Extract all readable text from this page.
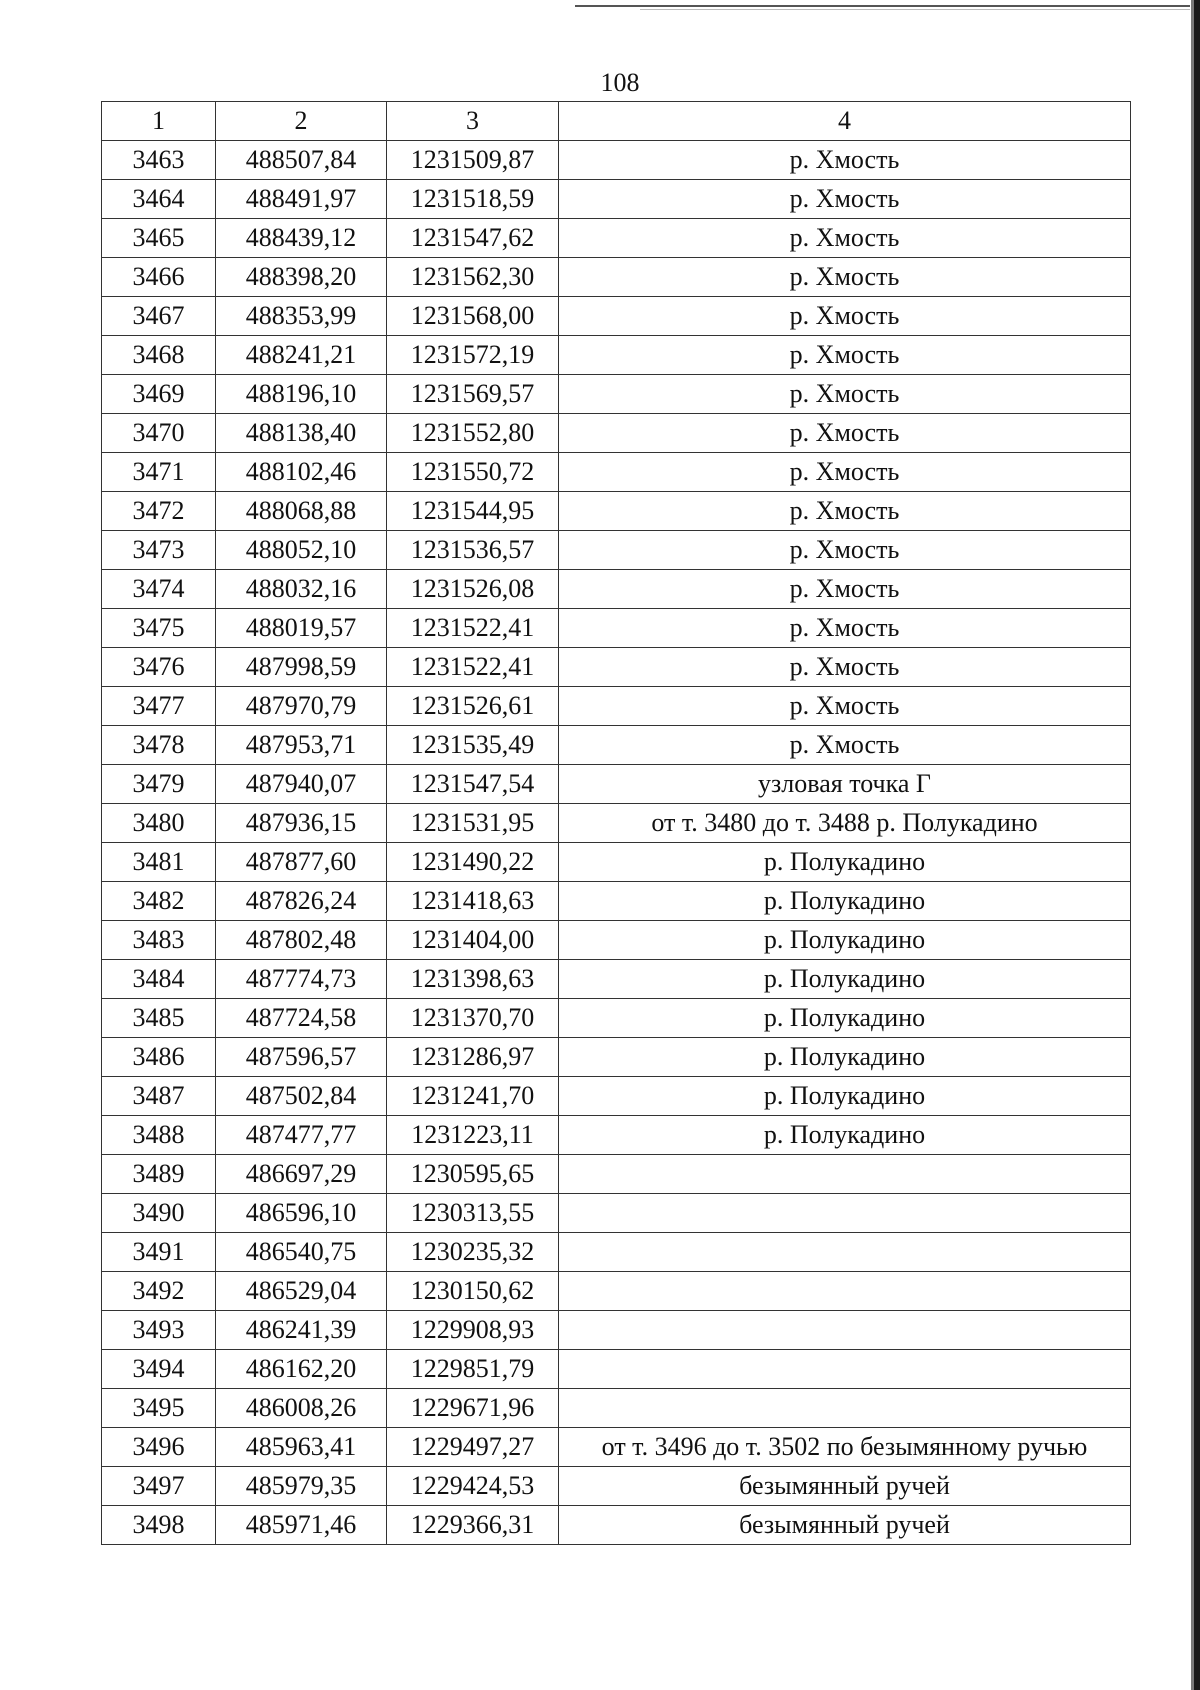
108
1	2	3	4
3463	488507,84	1231509,87	р. Хмость
3464	488491,97	1231518,59	р. Хмость
3465	488439,12	1231547,62	р. Хмость
3466	488398,20	1231562,30	р. Хмость
3467	488353,99	1231568,00	р. Хмость
3468	488241,21	1231572,19	р. Хмость
3469	488196,10	1231569,57	р. Хмость
3470	488138,40	1231552,80	р. Хмость
3471	488102,46	1231550,72	р. Хмость
3472	488068,88	1231544,95	р. Хмость
3473	488052,10	1231536,57	р. Хмость
3474	488032,16	1231526,08	р. Хмость
3475	488019,57	1231522,41	р. Хмость
3476	487998,59	1231522,41	р. Хмость
3477	487970,79	1231526,61	р. Хмость
3478	487953,71	1231535,49	р. Хмость
3479	487940,07	1231547,54	узловая точка Г
3480	487936,15	1231531,95	от т. 3480 до т. 3488 р. Полукадино
3481	487877,60	1231490,22	р. Полукадино
3482	487826,24	1231418,63	р. Полукадино
3483	487802,48	1231404,00	р. Полукадино
3484	487774,73	1231398,63	р. Полукадино
3485	487724,58	1231370,70	р. Полукадино
3486	487596,57	1231286,97	р. Полукадино
3487	487502,84	1231241,70	р. Полукадино
3488	487477,77	1231223,11	р. Полукадино
3489	486697,29	1230595,65	
3490	486596,10	1230313,55	
3491	486540,75	1230235,32	
3492	486529,04	1230150,62	
3493	486241,39	1229908,93	
3494	486162,20	1229851,79	
3495	486008,26	1229671,96	
3496	485963,41	1229497,27	от т. 3496 до т. 3502 по безымянному ручью
3497	485979,35	1229424,53	безымянный ручей
3498	485971,46	1229366,31	безымянный ручей
